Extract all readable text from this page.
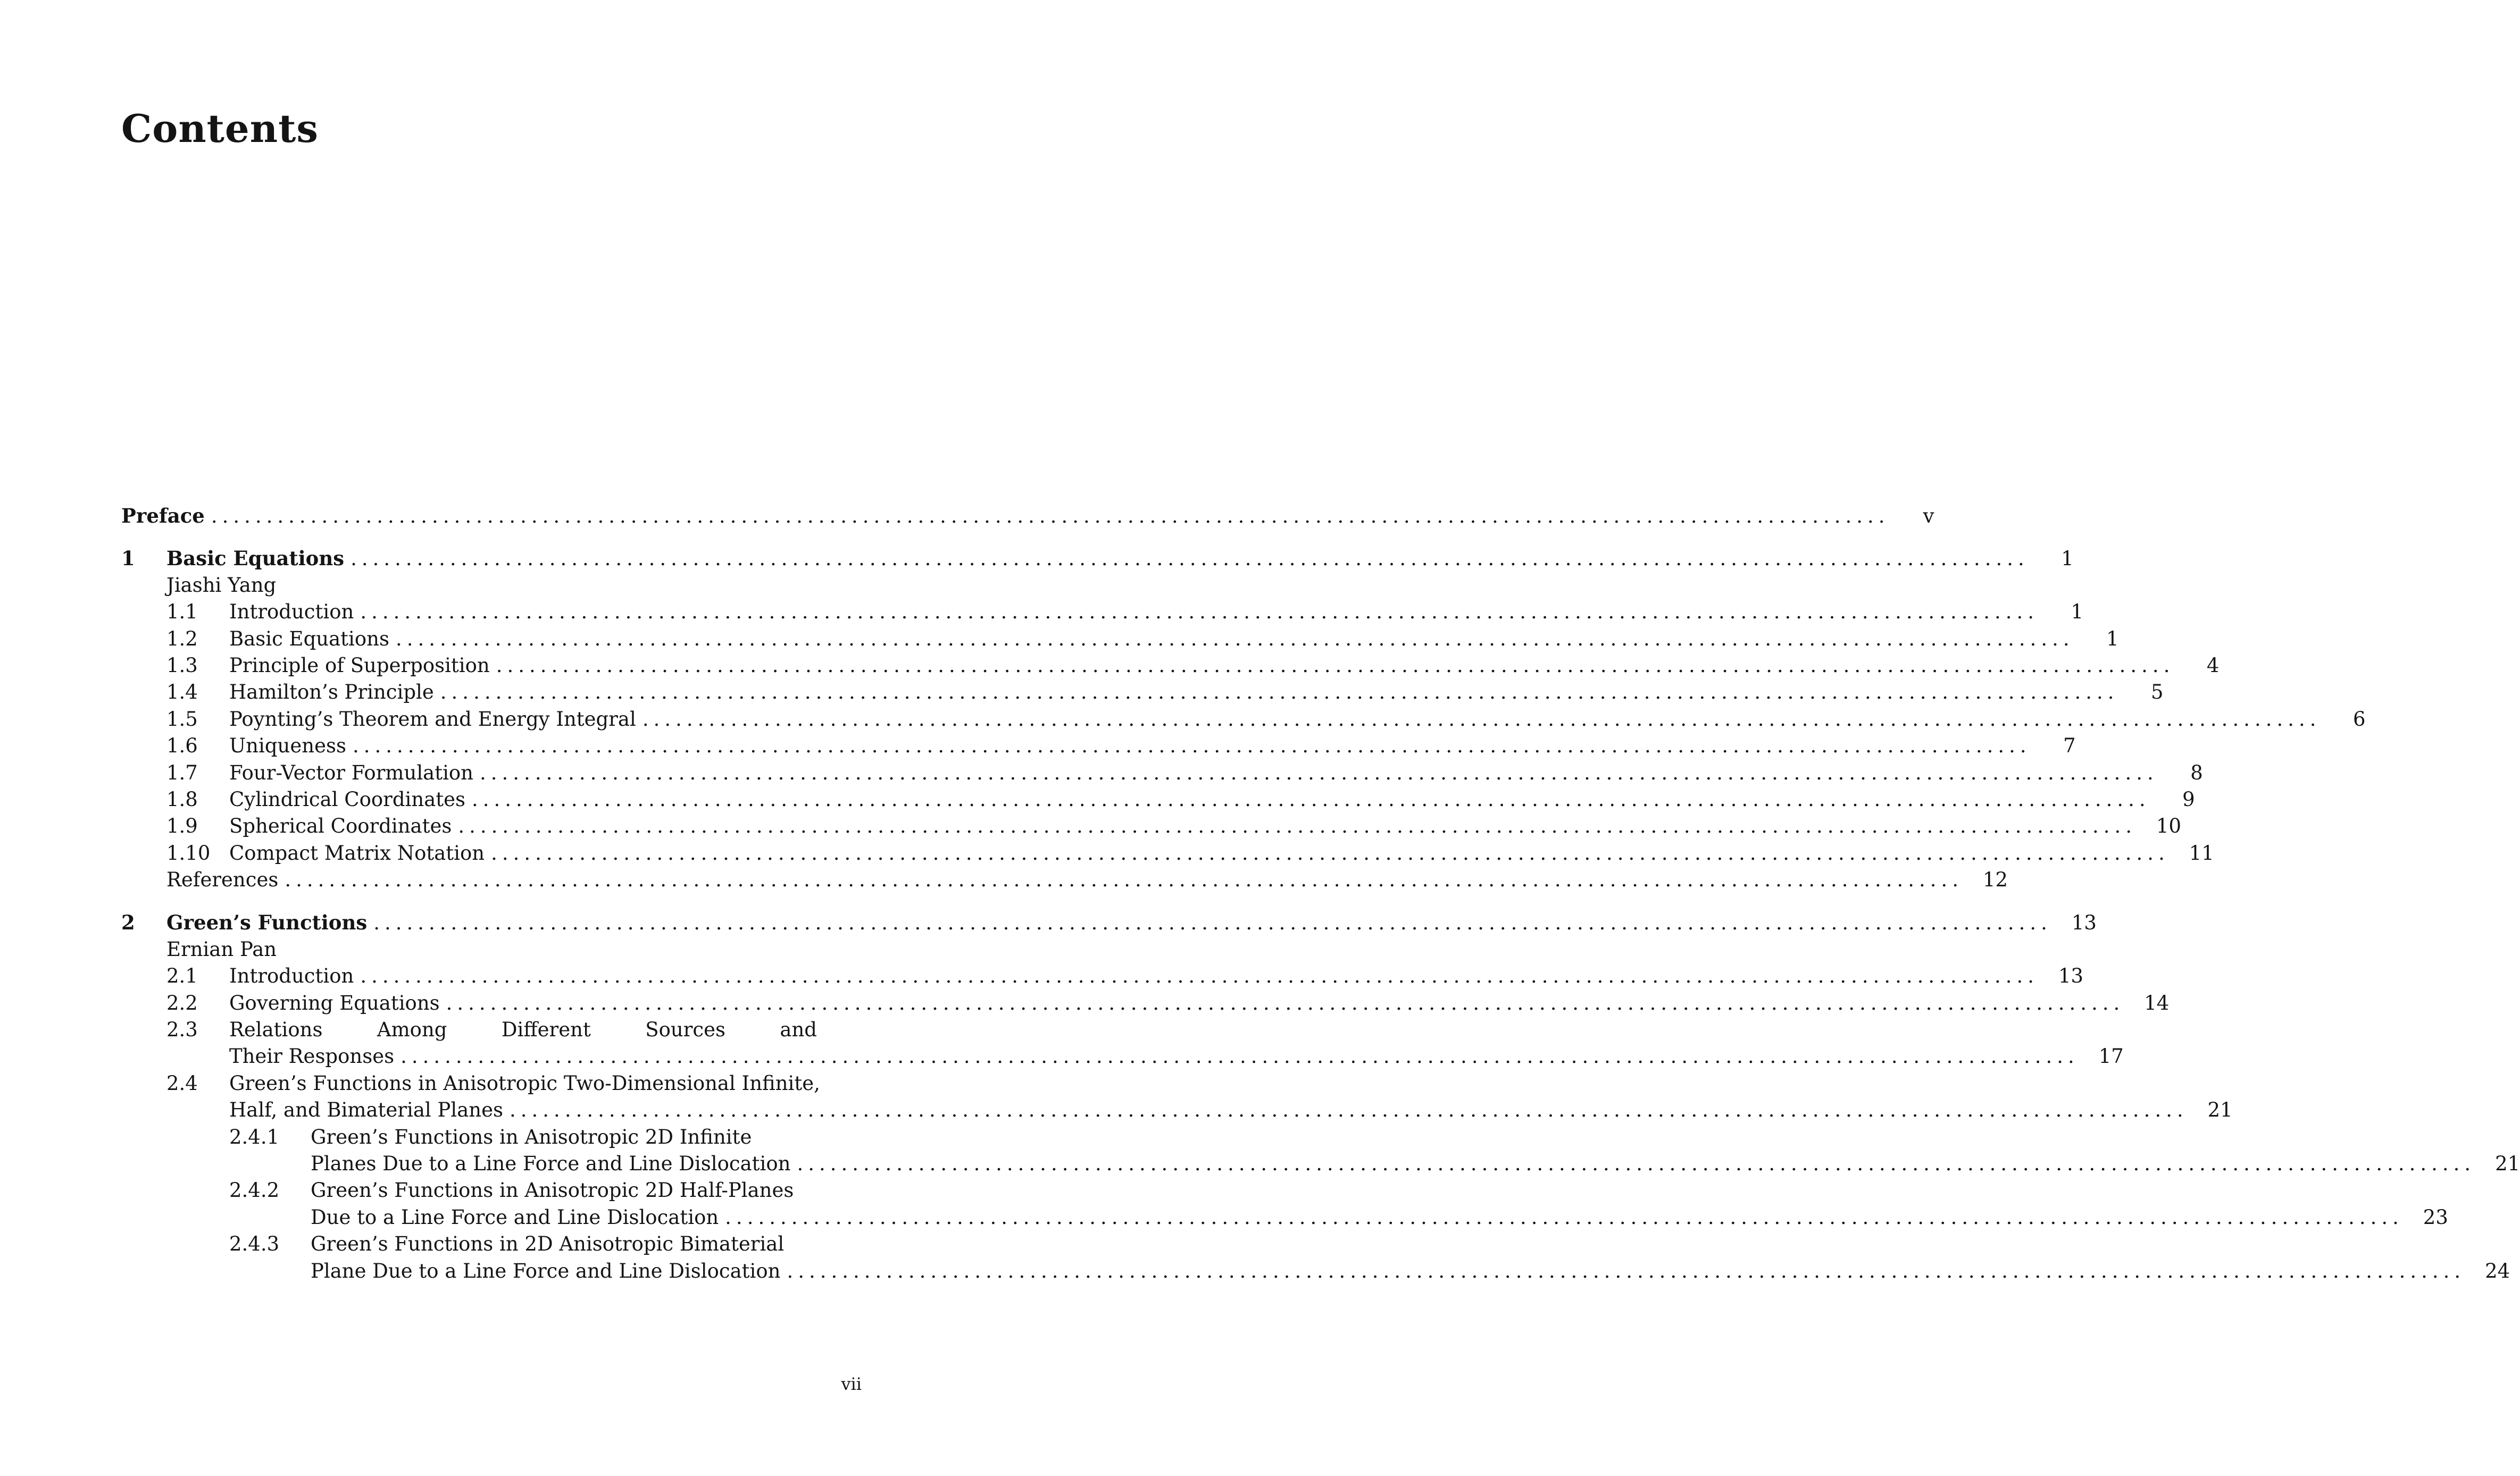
Contents
Preface ........................................................................................................................................................	v
1 Basic Equations ........................................................................................................................................................	1
Jiashi Yang
1.1 Introduction ........................................................................................................................................................	1
1.2 Basic Equations ........................................................................................................................................................	1
1.3 Principle of Superposition ........................................................................................................................................................	4
1.4 Hamilton’s Principle ........................................................................................................................................................	5
1.5 Poynting’s Theorem and Energy Integral ........................................................................................................................................................	6
1.6 Uniqueness ........................................................................................................................................................	7
1.7 Four-Vector Formulation ........................................................................................................................................................	8
1.8 Cylindrical Coordinates ........................................................................................................................................................	9
1.9 Spherical Coordinates ........................................................................................................................................................ 10
1.10 Compact Matrix Notation ........................................................................................................................................................ 11
References ........................................................................................................................................................ 12
2 Green’s Functions ........................................................................................................................................................ 13
Ernian Pan
2.1 Introduction ........................................................................................................................................................ 13
2.2 Governing Equations ........................................................................................................................................................ 14
2.3 Relations	Among	Different	Sources	and
Their Responses ........................................................................................................................................................ 17
2.4 Green’s Functions in Anisotropic Two-Dimensional Infinite,
Half, and Bimaterial Planes ........................................................................................................................................................ 21
2.4.1 Green’s Functions in Anisotropic 2D Infinite
Planes Due to a Line Force and Line Dislocation ........................................................................................................................................................ 21
2.4.2 Green’s Functions in Anisotropic 2D Half-Planes
Due to a Line Force and Line Dislocation ........................................................................................................................................................ 23
2.4.3 Green’s Functions in 2D Anisotropic Bimaterial
Plane Due to a Line Force and Line Dislocation ........................................................................................................................................................ 24
vii
